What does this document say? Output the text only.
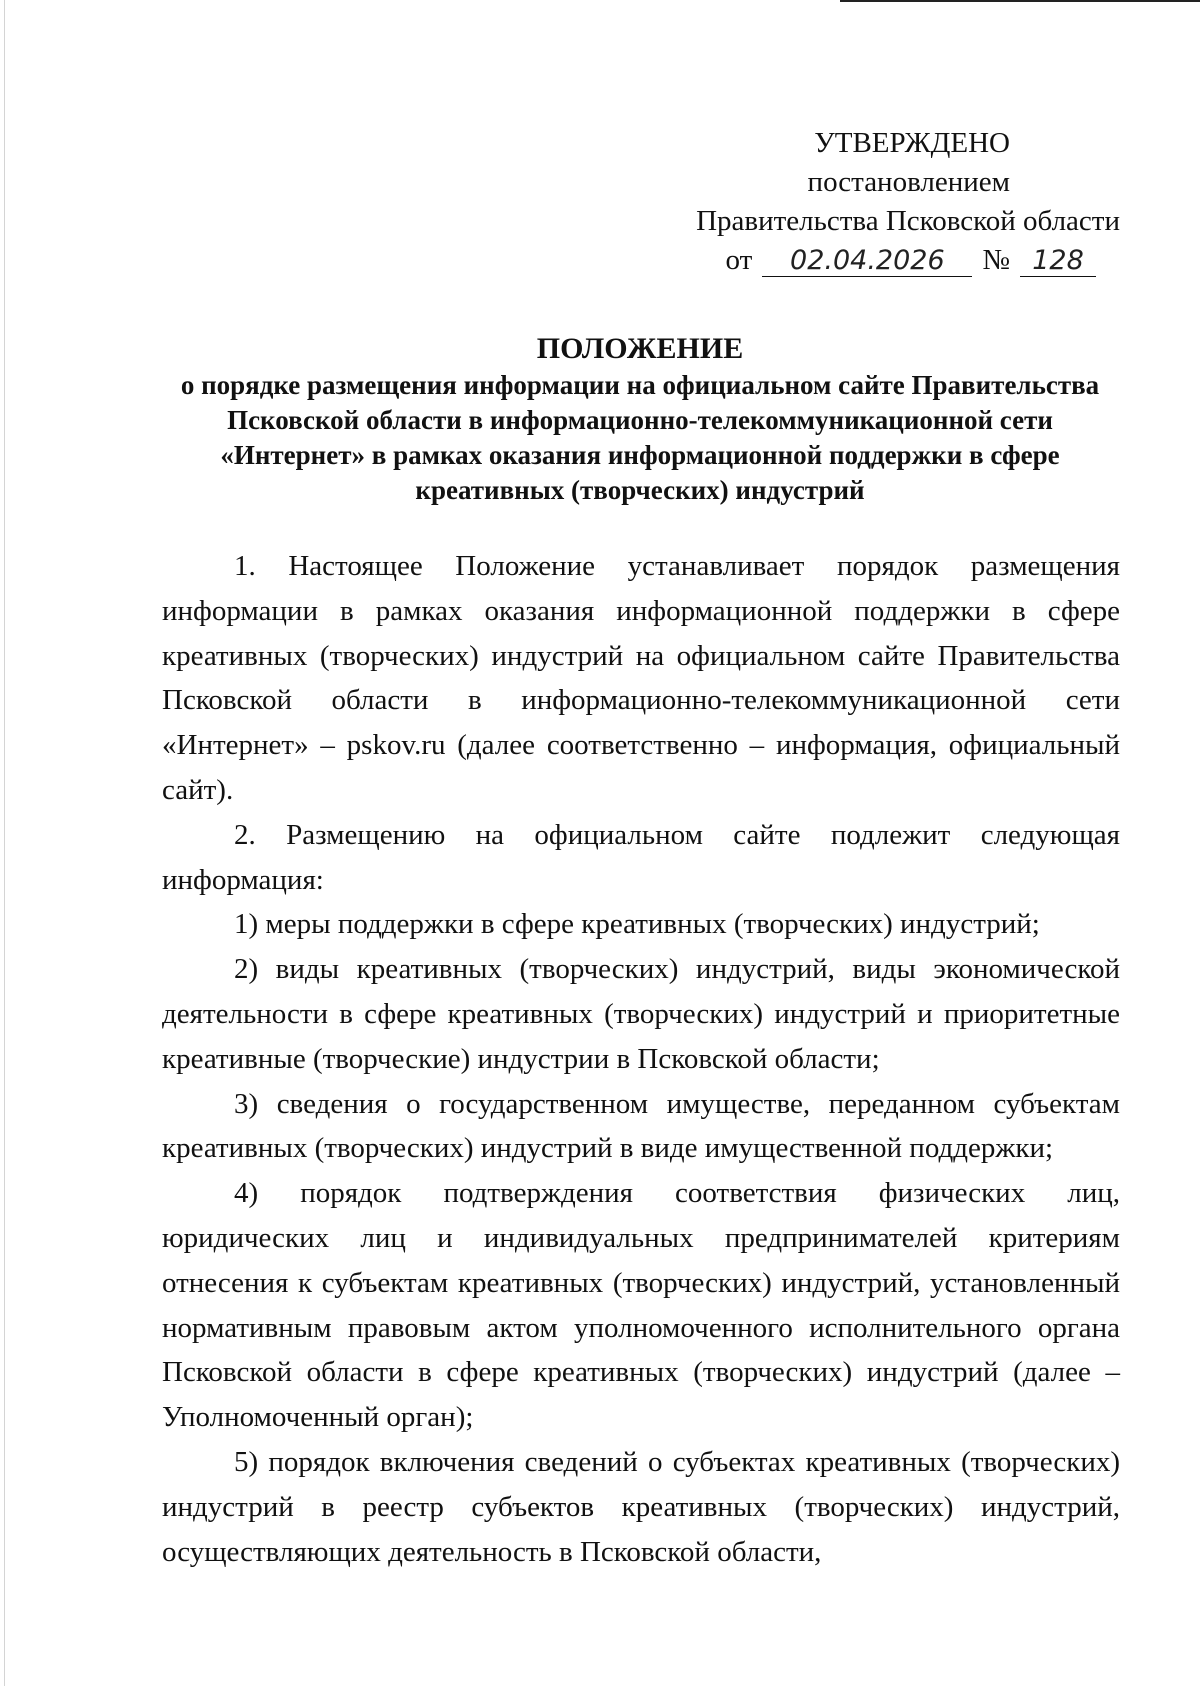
УТВЕРЖДЕНО
постановлением
Правительства Псковской области
от 02.04.2026 № 128
ПОЛОЖЕНИЕ
о порядке размещения информации на официальном сайте Правительства Псковской области в информационно-телекоммуникационной сети «Интернет» в рамках оказания информационной поддержки в сфере креативных (творческих) индустрий

1. Настоящее Положение устанавливает порядок размещения информации в рамках оказания информационной поддержки в сфере креативных (творческих) индустрий на официальном сайте Правительства Псковской области в информационно-телекоммуникационной сети «Интернет» – pskov.ru (далее соответственно – информация, официальный сайт).

2. Размещению на официальном сайте подлежит следующая информация:

1) меры поддержки в сфере креативных (творческих) индустрий;

2) виды креативных (творческих) индустрий, виды экономической деятельности в сфере креативных (творческих) индустрий и приоритетные креативные (творческие) индустрии в Псковской области;

3) сведения о государственном имуществе, переданном субъектам креативных (творческих) индустрий в виде имущественной поддержки;

4) порядок подтверждения соответствия физических лиц, юридических лиц и индивидуальных предпринимателей критериям отнесения к субъектам креативных (творческих) индустрий, установленный нормативным правовым актом уполномоченного исполнительного органа Псковской области в сфере креативных (творческих) индустрий (далее – Уполномоченный орган);

5) порядок включения сведений о субъектах креативных (творческих) индустрий в реестр субъектов креативных (творческих) индустрий, осуществляющих деятельность в Псковской области,
